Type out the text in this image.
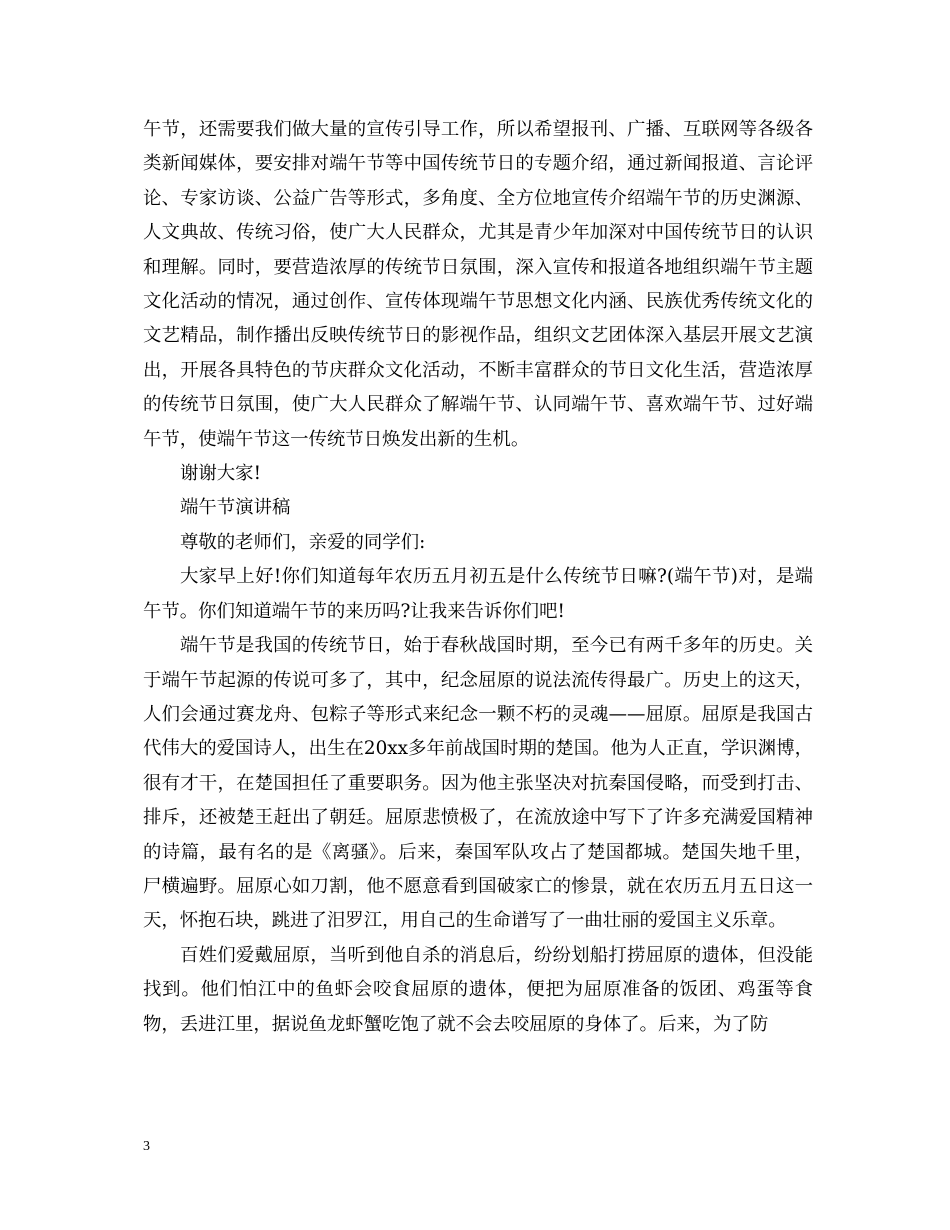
午节，还需要我们做大量的宣传引导工作，所以希望报刊、广播、互联网等各级各类新闻媒体，要安排对端午节等中国传统节日的专题介绍，通过新闻报道、言论评论、专家访谈、公益广告等形式，多角度、全方位地宣传介绍端午节的历史渊源、人文典故、传统习俗，使广大人民群众，尤其是青少年加深对中国传统节日的认识和理解。同时，要营造浓厚的传统节日氛围，深入宣传和报道各地组织端午节主题文化活动的情况，通过创作、宣传体现端午节思想文化内涵、民族优秀传统文化的文艺精品，制作播出反映传统节日的影视作品，组织文艺团体深入基层开展文艺演出，开展各具特色的节庆群众文化活动，不断丰富群众的节日文化生活，营造浓厚的传统节日氛围，使广大人民群众了解端午节、认同端午节、喜欢端午节、过好端午节，使端午节这一传统节日焕发出新的生机。

谢谢大家!

端午节演讲稿

尊敬的老师们，亲爱的同学们:

大家早上好!你们知道每年农历五月初五是什么传统节日嘛?(端午节)对，是端午节。你们知道端午节的来历吗?让我来告诉你们吧!

端午节是我国的传统节日，始于春秋战国时期，至今已有两千多年的历史。关于端午节起源的传说可多了，其中，纪念屈原的说法流传得最广。历史上的这天，人们会通过赛龙舟、包粽子等形式来纪念一颗不朽的灵魂——屈原。屈原是我国古代伟大的爱国诗人，出生在20xx多年前战国时期的楚国。他为人正直，学识渊博，很有才干，在楚国担任了重要职务。因为他主张坚决对抗秦国侵略，而受到打击、排斥，还被楚王赶出了朝廷。屈原悲愤极了，在流放途中写下了许多充满爱国精神的诗篇，最有名的是《离骚》。后来，秦国军队攻占了楚国都城。楚国失地千里，尸横遍野。屈原心如刀割，他不愿意看到国破家亡的惨景，就在农历五月五日这一天，怀抱石块，跳进了汨罗江，用自己的生命谱写了一曲壮丽的爱国主义乐章。

百姓们爱戴屈原，当听到他自杀的消息后，纷纷划船打捞屈原的遗体，但没能找到。他们怕江中的鱼虾会咬食屈原的遗体，便把为屈原准备的饭团、鸡蛋等食物，丢进江里，据说鱼龙虾蟹吃饱了就不会去咬屈原的身体了。后来，为了防

3
